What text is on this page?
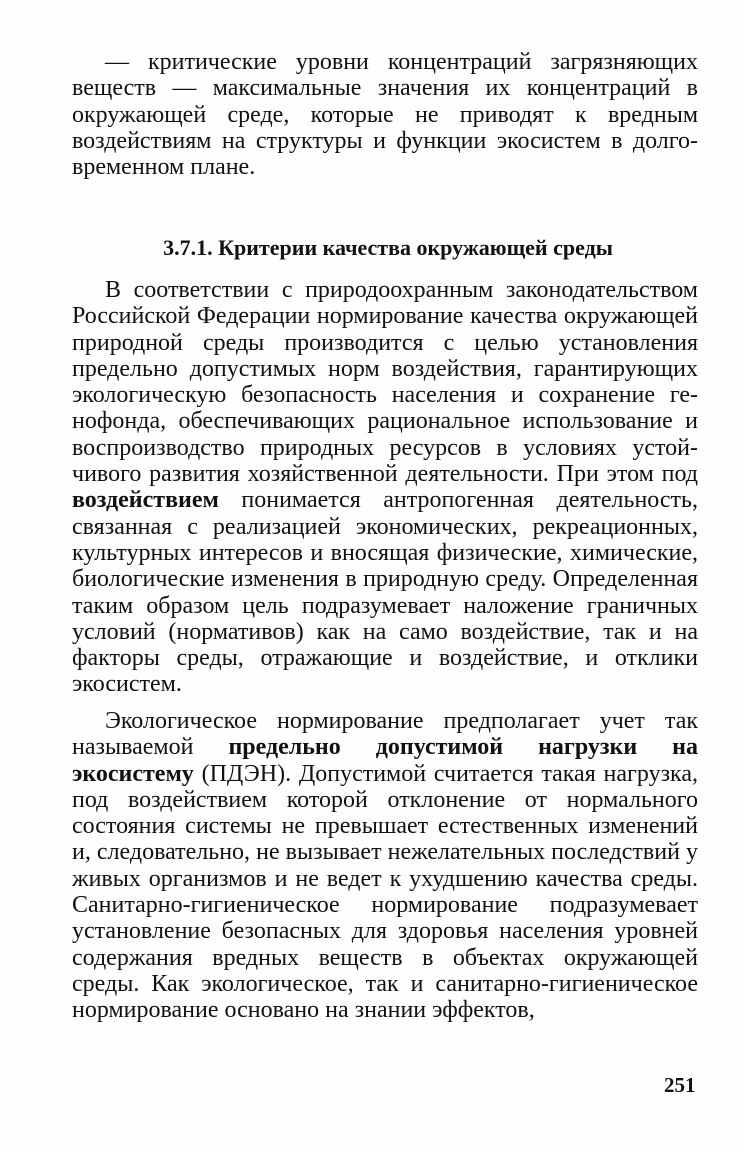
— критические уровни концентраций загрязняющих веществ — максимальные значения их концентраций в окружающей среде, которые не приводят к вредным воздействиям на структуры и функции экосистем в долговременном плане.

3.7.1. Критерии качества окружающей среды

В соответствии с природоохранным законодательством Российской Федерации нормирование качества окружающей природной среды производится с целью установления предельно допустимых норм воздействия, гарантирующих экологическую безопасность населения и сохранение генофонда, обеспечивающих рациональное использование и воспроизводство природных ресурсов в условиях устойчивого развития хозяйственной деятельности. При этом под воздействием понимается антропогенная деятельность, связанная с реализацией экономических, рекреационных, культурных интересов и вносящая физические, химические, биологические изменения в природную среду. Определенная таким образом цель подразумевает наложение граничных условий (нормативов) как на само воздействие, так и на факторы среды, отражающие и воздействие, и отклики экосистем.

Экологическое нормирование предполагает учет так называемой предельно допустимой нагрузки на экосистему (ПДЭН). Допустимой считается такая нагрузка, под воздействием которой отклонение от нормального состояния системы не превышает естественных изменений и, следовательно, не вызывает нежелательных последствий у живых организмов и не ведет к ухудшению качества среды. Санитарно-гигиеническое нормирование подразумевает установление безопасных для здоровья населения уровней содержания вредных веществ в объектах окружающей среды. Как экологическое, так и санитарно-гигиеническое нормирование основано на знании эффектов,

251
